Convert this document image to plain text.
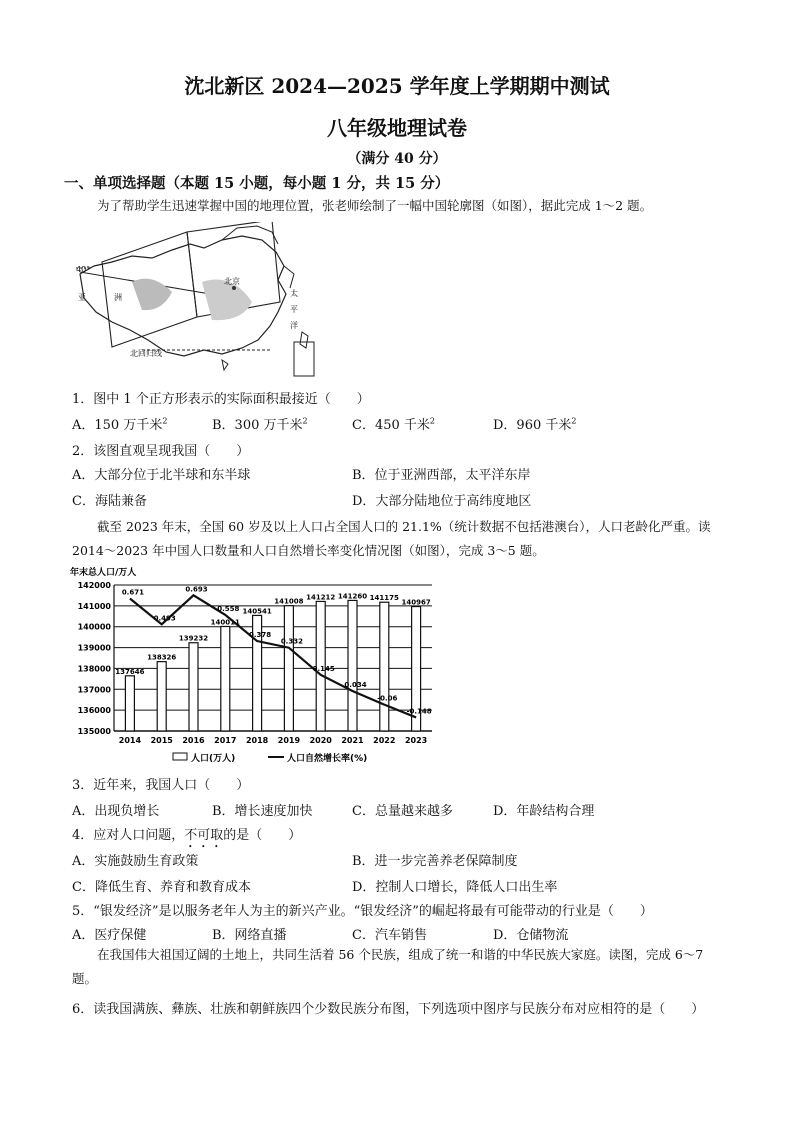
沈北新区 2024—2025 学年度上学期期中测试
八年级地理试卷
（满分 40 分）
一、单项选择题（本题 15 小题，每小题 1 分，共 15 分）
为了帮助学生迅速掌握中国的地理位置，张老师绘制了一幅中国轮廓图（如图），据此完成 1～2 题。
40°
亚	洲
北京
太
平
洋
北回归线
1．图中 1 个正方形表示的实际面积最接近（　　）
A．150 万千米$^2$	B．300 万千米$^2$	C．450 千米$^2$	D．960 千米$^2$
2．该图直观呈现我国（　　）
A．大部分位于北半球和东半球	B．位于亚洲西部，太平洋东岸
C．海陆兼备	D．大部分陆地位于高纬度地区
截至 2023 年末，全国 60 岁及以上人口占全国人口的 21.1%（统计数据不包括港澳台），人口老龄化严重。读 2014～2023 年中国人口数量和人口自然增长率变化情况图（如图），完成 3～5 题。
年末总人口/万人
135000
136000
137000
138000
139000
140000
141000
142000
137646
138326
139232
140011
140541
141008
141212 141260 141175
140967
0.671
0.493
0.693
0.558
0.378
0.332
0.145
0.034
-0.06
-0.148
2014 2015 2016 2017 2018 2019 2020 2021 2022 2023
人口(万人)	人口自然增长率(%)
3．近年来，我国人口（　　）
A．出现负增长	B．增长速度加快	C．总量越来越多	D．年龄结构合理
4．应对人口问题，不可取的是（　　）
A．实施鼓励生育政策	B．进一步完善养老保障制度
C．降低生育、养育和教育成本	D．控制人口增长，降低人口出生率
5．“银发经济”是以服务老年人为主的新兴产业。“银发经济”的崛起将最有可能带动的行业是（　　）
A．医疗保健	B．网络直播	C．汽车销售	D．仓储物流
在我国伟大祖国辽阔的土地上，共同生活着 56 个民族，组成了统一和谐的中华民族大家庭。读图，完成 6～7 题。
6．读我国满族、彝族、壮族和朝鲜族四个少数民族分布图，下列选项中图序与民族分布对应相符的是（　　）
